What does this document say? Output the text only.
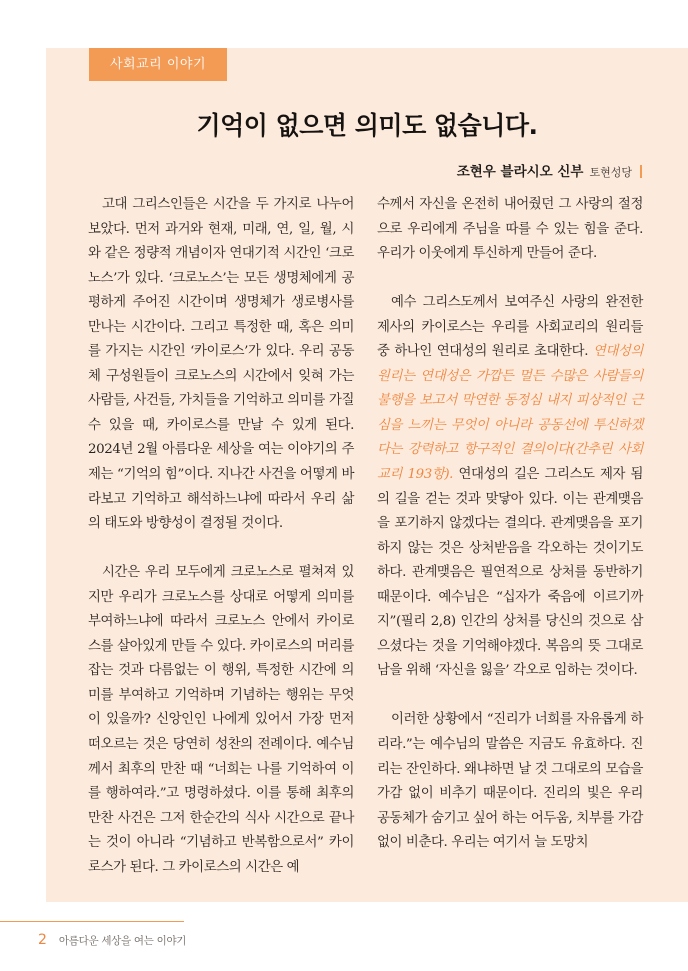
사회교리 이야기
기억이 없으면 의미도 없습니다.
조현우 블라시오 신부 토현성당

고대 그리스인들은 시간을 두 가지로 나누어 보았다. 먼저 과거와 현재, 미래, 연, 일, 월, 시와 같은 정량적 개념이자 연대기적 시간인 ‘크로노스’가 있다. ‘크로노스’는 모든 생명체에게 공평하게 주어진 시간이며 생명체가 생로병사를 만나는 시간이다. 그리고 특정한 때, 혹은 의미를 가지는 시간인 ‘카이로스’가 있다. 우리 공동체 구성원들이 크로노스의 시간에서 잊혀 가는 사람들, 사건들, 가치들을 기억하고 의미를 가질 수 있을 때, 카이로스를 만날 수 있게 된다. 2024년 2월 아름다운 세상을 여는 이야기의 주제는 “기억의 힘”이다. 지나간 사건을 어떻게 바라보고 기억하고 해석하느냐에 따라서 우리 삶의 태도와 방향성이 결정될 것이다.

시간은 우리 모두에게 크로노스로 펼쳐져 있지만 우리가 크로노스를 상대로 어떻게 의미를 부여하느냐에 따라서 크로노스 안에서 카이로스를 살아있게 만들 수 있다. 카이로스의 머리를 잡는 것과 다름없는 이 행위, 특정한 시간에 의미를 부여하고 기억하며 기념하는 행위는 무엇이 있을까? 신앙인인 나에게 있어서 가장 먼저 떠오르는 것은 당연히 성찬의 전례이다. 예수님께서 최후의 만찬 때 “너희는 나를 기억하여 이를 행하여라.”고 명령하셨다. 이를 통해 최후의 만찬 사건은 그저 한순간의 식사 시간으로 끝나는 것이 아니라 “기념하고 반복함으로서” 카이로스가 된다. 그 카이로스의 시간은 예

수께서 자신을 온전히 내어줬던 그 사랑의 절정으로 우리에게 주님을 따를 수 있는 힘을 준다. 우리가 이웃에게 투신하게 만들어 준다.

예수 그리스도께서 보여주신 사랑의 완전한 제사의 카이로스는 우리를 사회교리의 원리들 중 하나인 연대성의 원리로 초대한다. 연대성의 원리는 연대성은 가깝든 멀든 수많은 사람들의 불행을 보고서 막연한 동정심 내지 피상적인 근심을 느끼는 무엇이 아니라 공동선에 투신하겠다는 강력하고 항구적인 결의이다(간추린 사회교리 193항). 연대성의 길은 그리스도 제자 됨의 길을 걷는 것과 맞닿아 있다. 이는 관계맺음을 포기하지 않겠다는 결의다. 관계맺음을 포기하지 않는 것은 상처받음을 각오하는 것이기도 하다. 관계맺음은 필연적으로 상처를 동반하기 때문이다. 예수님은 “십자가 죽음에 이르기까지”(필리 2,8) 인간의 상처를 당신의 것으로 삼으셨다는 것을 기억해야겠다. 복음의 뜻 그대로 남을 위해 ‘자신을 잃을’ 각오로 임하는 것이다.

이러한 상황에서 “진리가 너희를 자유롭게 하리라.”는 예수님의 말씀은 지금도 유효하다. 진리는 잔인하다. 왜냐하면 날 것 그대로의 모습을 가감 없이 비추기 때문이다. 진리의 빛은 우리 공동체가 숨기고 싶어 하는 어두움, 치부를 가감 없이 비춘다. 우리는 여기서 늘 도망치

2 아름다운 세상을 여는 이야기
